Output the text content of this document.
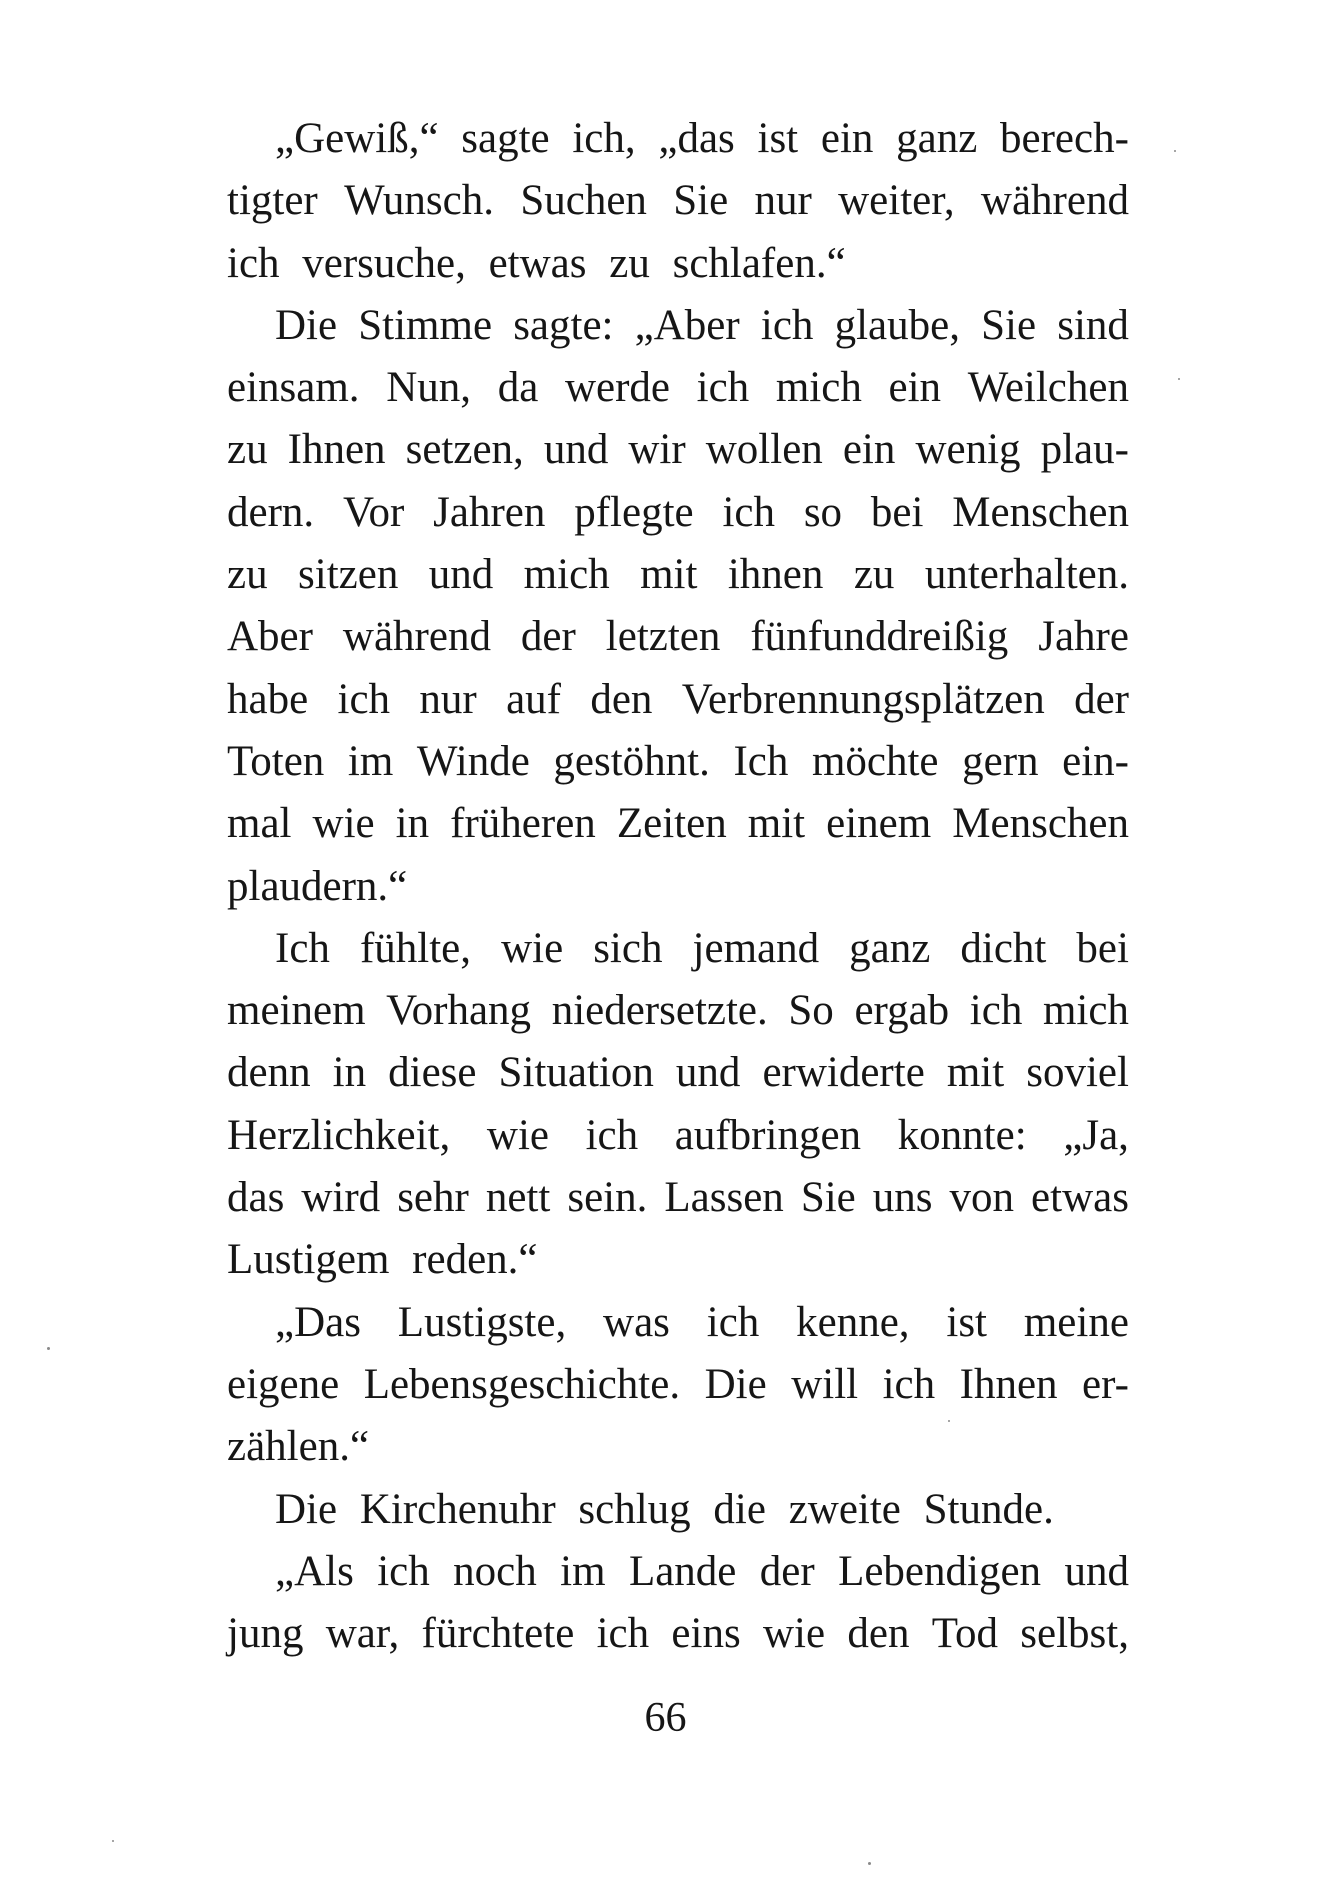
„Gewiß,“ sagte ich, „das ist ein ganz berech-
tigter Wunsch. Suchen Sie nur weiter, während
ich versuche, etwas zu schlafen.“
Die Stimme sagte: „Aber ich glaube, Sie sind
einsam. Nun, da werde ich mich ein Weilchen
zu Ihnen setzen, und wir wollen ein wenig plau-
dern. Vor Jahren pflegte ich so bei Menschen
zu sitzen und mich mit ihnen zu unterhalten.
Aber während der letzten fünfunddreißig Jahre
habe ich nur auf den Verbrennungsplätzen der
Toten im Winde gestöhnt. Ich möchte gern ein-
mal wie in früheren Zeiten mit einem Menschen
plaudern.“
Ich fühlte, wie sich jemand ganz dicht bei
meinem Vorhang niedersetzte. So ergab ich mich
denn in diese Situation und erwiderte mit soviel
Herzlichkeit, wie ich aufbringen konnte: „Ja,
das wird sehr nett sein. Lassen Sie uns von etwas
Lustigem reden.“
„Das Lustigste, was ich kenne, ist meine
eigene Lebensgeschichte. Die will ich Ihnen er-
zählen.“
Die Kirchenuhr schlug die zweite Stunde.
„Als ich noch im Lande der Lebendigen und
jung war, fürchtete ich eins wie den Tod selbst,
66
